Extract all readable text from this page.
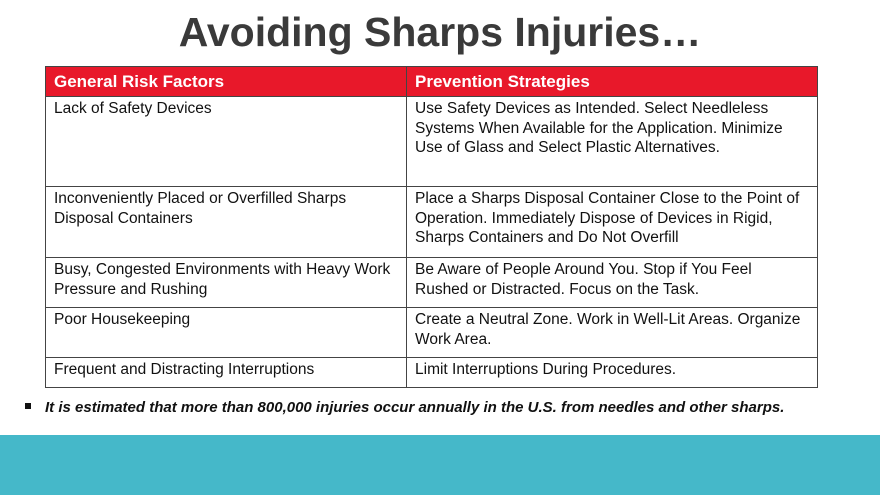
Avoiding Sharps Injuries…
General Risk Factors	Prevention Strategies
Lack of Safety Devices	Use Safety Devices as Intended. Select Needleless Systems When Available for the Application. Minimize Use of Glass and Select Plastic Alternatives.
Inconveniently Placed or Overfilled Sharps Disposal Containers	Place a Sharps Disposal Container Close to the Point of Operation. Immediately Dispose of Devices in Rigid, Sharps Containers and Do Not Overfill
Busy, Congested Environments with Heavy Work Pressure and Rushing	Be Aware of People Around You. Stop if You Feel Rushed or Distracted. Focus on the Task.
Poor Housekeeping	Create a Neutral Zone. Work in Well-Lit Areas. Organize Work Area.
Frequent and Distracting Interruptions	Limit Interruptions During Procedures.
It is estimated that more than 800,000 injuries occur annually in the U.S. from needles and other sharps.
